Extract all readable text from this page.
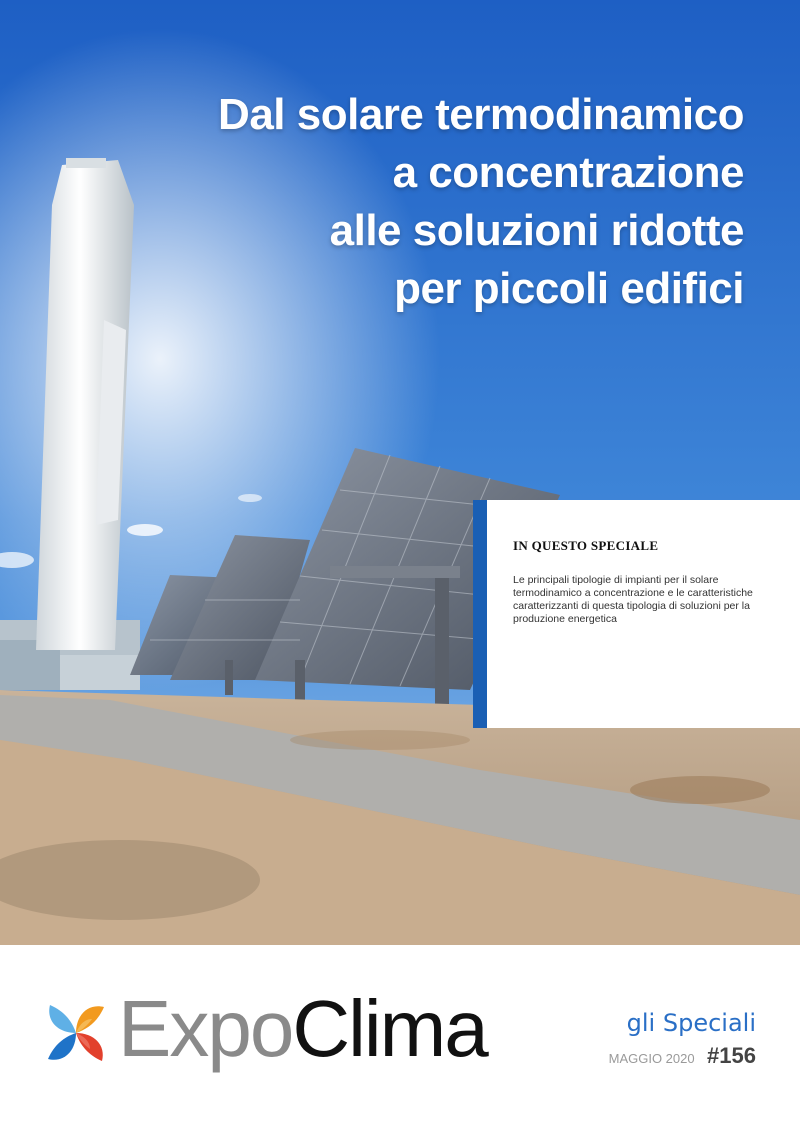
Dal solare termodinamico
a concentrazione
alle soluzioni ridotte
per piccoli edifici
IN QUESTO SPECIALE

Le principali tipologie di impianti per il solare termodinamico a concentrazione e le caratteristiche caratterizzanti di questa tipologia di soluzioni per la produzione energetica

ExpoClima	gli Speciali
MAGGIO 2020 #156
